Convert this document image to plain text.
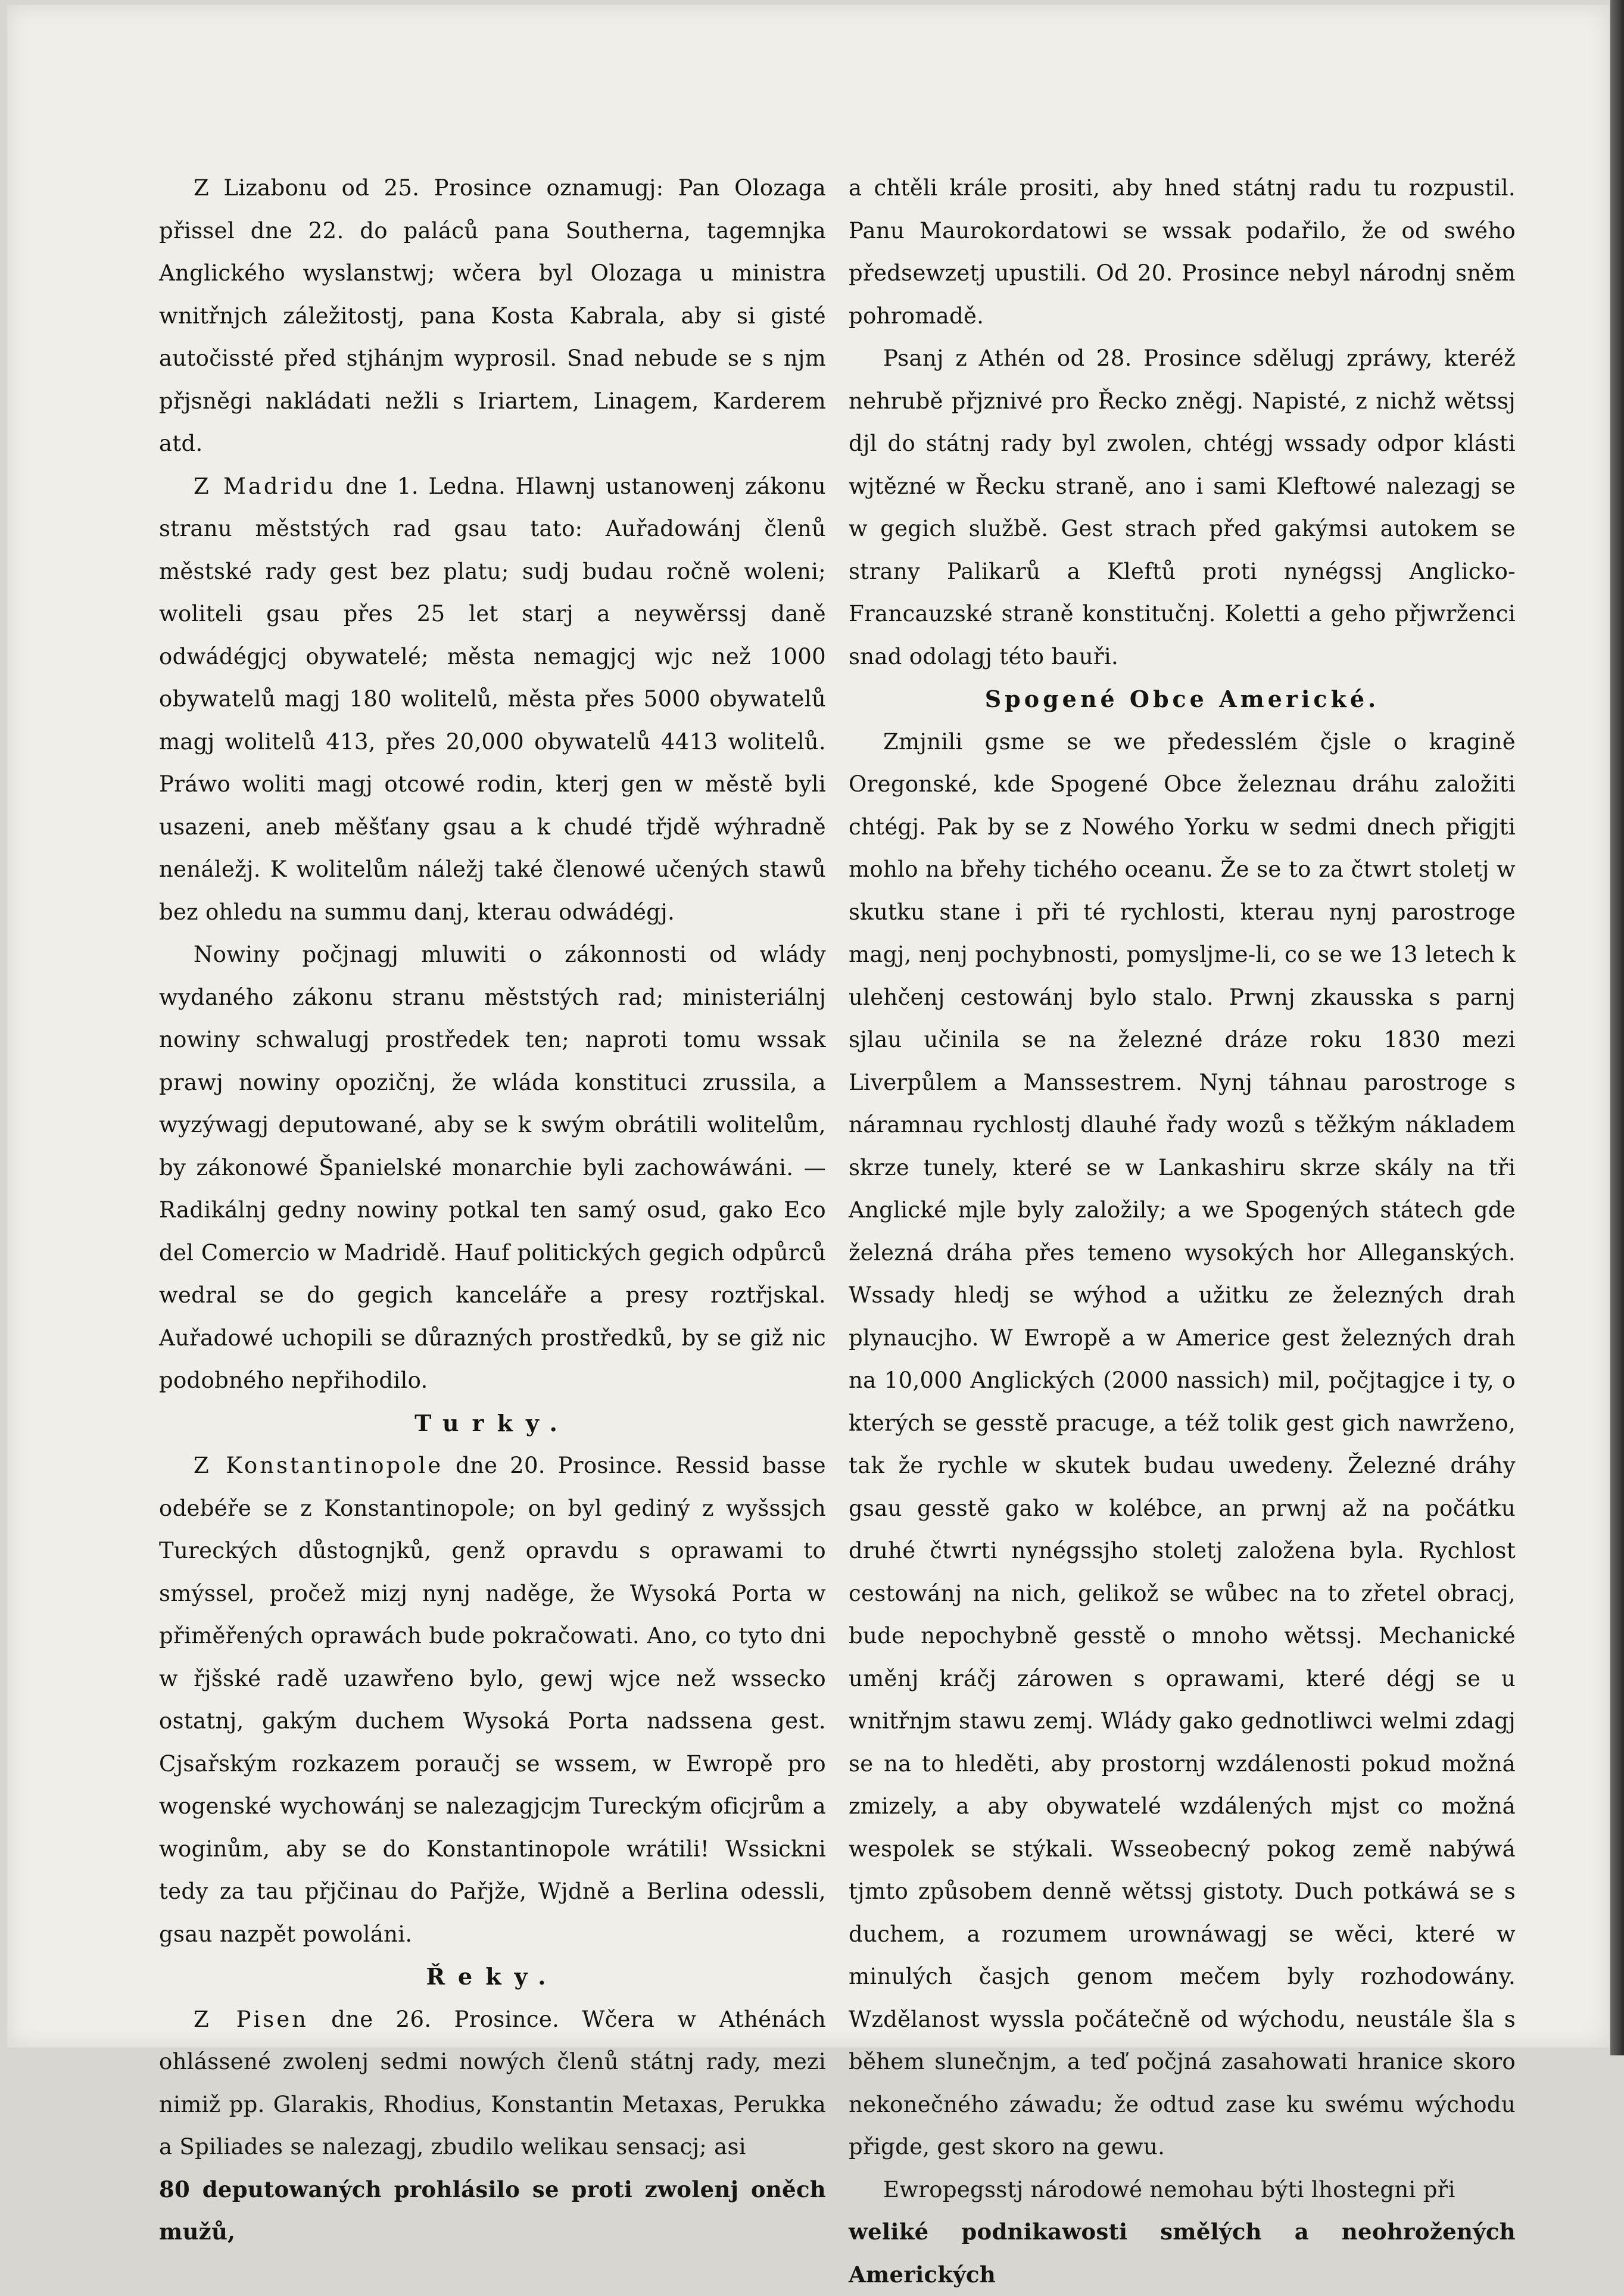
Z Lizabonu od 25. Prosince oznamugj: Pan Olozaga přissel dne 22. do paláců pana Southerna, tagemnjka Anglického wyslanstwj; wčera byl Olozaga u ministra wnitřnjch záležitostj, pana Kosta Kabrala, aby si gisté autočissté před stjhánjm wyprosil. Snad nebude se s njm přjsněgi nakládati nežli s Iriartem, Linagem, Karderem atd.

Z Madridu dne 1. Ledna. Hlawnj ustanowenj zákonu stranu měststých rad gsau tato: Auřadowánj členů městské rady gest bez platu; sudj budau ročně woleni; woliteli gsau přes 25 let starj a neywěrssj daně odwádégjcj obywatelé; města nemagjcj wjc než 1000 obywatelů magj 180 wolitelů, města přes 5000 obywatelů magj wolitelů 413, přes 20,000 obywatelů 4413 wolitelů. Práwo woliti magj otcowé rodin, kterj gen w městě byli usazeni, aneb měšťany gsau a k chudé třjdě wýhradně nenáležj. K wolitelům náležj také členowé učených stawů bez ohledu na summu danj, kterau odwádégj.

Nowiny počjnagj mluwiti o zákonnosti od wlády wydaného zákonu stranu měststých rad; ministeriálnj nowiny schwalugj prostředek ten; naproti tomu wssak prawj nowiny opozičnj, že wláda konstituci zrussila, a wyzýwagj deputowané, aby se k swým obrátili wolitelům, by zákonowé Španielské monarchie byli zachowáwáni. — Radikálnj gedny nowiny potkal ten samý osud, gako Eco del Comercio w Madridě. Hauf politických gegich odpůrců wedral se do gegich kanceláře a presy roztřjskal. Auřadowé uchopili se důrazných prostředků, by se giž nic podobného nepřihodilo.

Turky.

Z Konstantinopole dne 20. Prosince. Ressid basse odebéře se z Konstantinopole; on byl gediný z wyšssjch Tureckých důstognjků, genž opravdu s oprawami to smýssel, pročež mizj nynj naděge, že Wysoká Porta w přiměřených oprawách bude pokračowati. Ano, co tyto dni w řjšské radě uzawřeno bylo, gewj wjce než wssecko ostatnj, gakým duchem Wysoká Porta nadssena gest. Cjsařským rozkazem poraučj se wssem, w Ewropě pro wogenské wychowánj se nalezagjcjm Tureckým oficjrům a woginům, aby se do Konstantinopole wrátili! Wssickni tedy za tau přjčinau do Pařjže, Wjdně a Berlina odessli, gsau nazpět powoláni.

Řeky.

Z Pisen dne 26. Prosince. Wčera w Athénách ohlássené zwolenj sedmi nowých členů státnj rady, mezi nimiž pp. Glarakis, Rhodius, Konstantin Metaxas, Perukka a Spiliades se nalezagj, zbudilo welikau sensacj; asi

80 deputowaných prohlásilo se proti zwolenj oněch mužů,

a chtěli krále prositi, aby hned státnj radu tu rozpustil. Panu Maurokordatowi se wssak podařilo, že od swého předsewzetj upustili. Od 20. Prosince nebyl národnj sněm pohromadě.

Psanj z Athén od 28. Prosince sdělugj zpráwy, kteréž nehrubě přjznivé pro Řecko zněgj. Napisté, z nichž wětssj djl do státnj rady byl zwolen, chtégj wssady odpor klásti wjtězné w Řecku straně, ano i sami Kleftowé nalezagj se w gegich službě. Gest strach před gakýmsi autokem se strany Palikarů a Kleftů proti nynégssj Anglicko-Francauzské straně konstitučnj. Koletti a geho přjwrženci snad odolagj této bauři.

Spogené Obce Americké.

Zmjnili gsme se we předesslém čjsle o kragině Oregonské, kde Spogené Obce železnau dráhu založiti chtégj. Pak by se z Nowého Yorku w sedmi dnech přigjti mohlo na břehy tichého oceanu. Že se to za čtwrt stoletj w skutku stane i při té rychlosti, kterau nynj parostroge magj, nenj pochybnosti, pomysljme-li, co se we 13 letech k ulehčenj cestowánj bylo stalo. Prwnj zkausska s parnj sjlau učinila se na železné dráze roku 1830 mezi Liverpůlem a Manssestrem. Nynj táhnau parostroge s náramnau rychlostj dlauhé řady wozů s těžkým nákladem skrze tunely, které se w Lankashiru skrze skály na tři Anglické mjle byly založily; a we Spogených státech gde železná dráha přes temeno wysokých hor Alleganských. Wssady hledj se wýhod a užitku ze železných drah plynaucjho. W Ewropě a w Americe gest železných drah na 10,000 Anglických (2000 nassich) mil, počjtagjce i ty, o kterých se gesstě pracuge, a též tolik gest gich nawrženo, tak že rychle w skutek budau uwedeny. Železné dráhy gsau gesstě gako w kolébce, an prwnj až na počátku druhé čtwrti nynégssjho stoletj založena byla. Rychlost cestowánj na nich, gelikož se wůbec na to zřetel obracj, bude nepochybně gesstě o mnoho wětssj. Mechanické uměnj kráčj zárowen s oprawami, které dégj se u wnitřnjm stawu zemj. Wlády gako gednotliwci welmi zdagj se na to hleděti, aby prostornj wzdálenosti pokud možná zmizely, a aby obywatelé wzdálených mjst co možná wespolek se stýkali. Wsseobecný pokog země nabýwá tjmto způsobem denně wětssj gistoty. Duch potkáwá se s duchem, a rozumem urownáwagj se wěci, které w minulých časjch genom mečem byly rozhodowány. Wzdělanost wyssla počátečně od wýchodu, neustále šla s během slunečnjm, a teď počjná zasahowati hranice skoro nekonečného záwadu; že odtud zase ku swému wýchodu přigde, gest skoro na gewu.

Ewropegsstj národowé nemohau býti lhostegni při

weliké podnikawosti smělých a neohrožených Amerických
